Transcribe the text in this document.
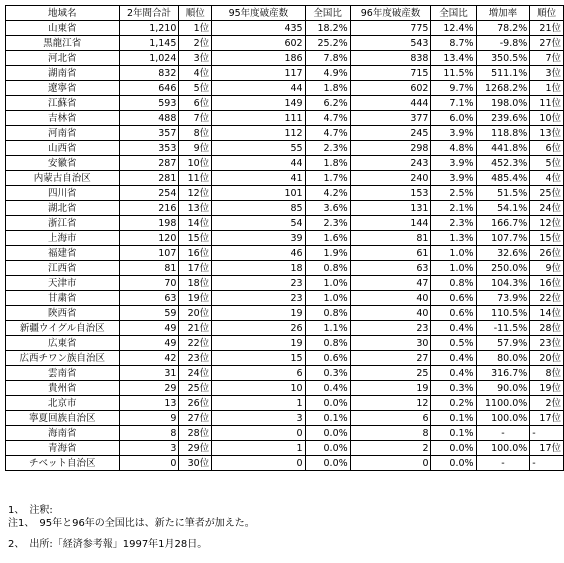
地域名	2年間合計	順位	95年度破産数	全国比	96年度破産数	全国比	増加率	順位
山東省	1,210	1位	435	18.2%	775	12.4%	78.2%	21位
黒龍江省	1,145	2位	602	25.2%	543	8.7%	-9.8%	27位
河北省	1,024	3位	186	7.8%	838	13.4%	350.5%	7位
湖南省	832	4位	117	4.9%	715	11.5%	511.1%	3位
遼寧省	646	5位	44	1.8%	602	9.7%	1268.2%	1位
江蘇省	593	6位	149	6.2%	444	7.1%	198.0%	11位
吉林省	488	7位	111	4.7%	377	6.0%	239.6%	10位
河南省	357	8位	112	4.7%	245	3.9%	118.8%	13位
山西省	353	9位	55	2.3%	298	4.8%	441.8%	6位
安徽省	287	10位	44	1.8%	243	3.9%	452.3%	5位
内蒙古自治区	281	11位	41	1.7%	240	3.9%	485.4%	4位
四川省	254	12位	101	4.2%	153	2.5%	51.5%	25位
湖北省	216	13位	85	3.6%	131	2.1%	54.1%	24位
浙江省	198	14位	54	2.3%	144	2.3%	166.7%	12位
上海市	120	15位	39	1.6%	81	1.3%	107.7%	15位
福建省	107	16位	46	1.9%	61	1.0%	32.6%	26位
江西省	81	17位	18	0.8%	63	1.0%	250.0%	9位
天津市	70	18位	23	1.0%	47	0.8%	104.3%	16位
甘粛省	63	19位	23	1.0%	40	0.6%	73.9%	22位
陝西省	59	20位	19	0.8%	40	0.6%	110.5%	14位
新疆ウイグル自治区	49	21位	26	1.1%	23	0.4%	-11.5%	28位
広東省	49	22位	19	0.8%	30	0.5%	57.9%	23位
広西チワン族自治区	42	23位	15	0.6%	27	0.4%	80.0%	20位
雲南省	31	24位	6	0.3%	25	0.4%	316.7%	8位
貴州省	29	25位	10	0.4%	19	0.3%	90.0%	19位
北京市	13	26位	1	0.0%	12	0.2%	1100.0%	2位
寧夏回族自治区	9	27位	3	0.1%	6	0.1%	100.0%	17位
海南省	8	28位	0	0.0%	8	0.1%	-	-
青海省	3	29位	1	0.0%	2	0.0%	100.0%	17位
チベット自治区	0	30位	0	0.0%	0	0.0%	-	-
1、　注釈:
注1、　95年と96年の全国比は、新たに筆者が加えた。
2、　出所:「経済参考報」1997年1月28日。
